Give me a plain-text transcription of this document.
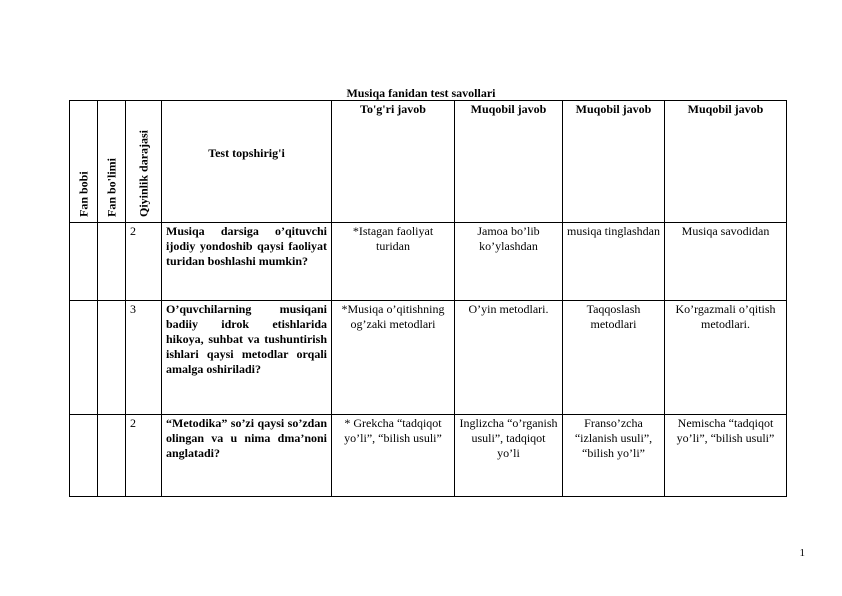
Musiqa fanidan test savollari
Fan bobi	Fan bo'limi	Qiyinlik darajasi	Test topshirig'i	To'g'ri javob	Muqobil javob	Muqobil javob	Muqobil javob
		2	Musiqa darsiga o’qituvchi ijodiy yondoshib qaysi faoliyat turidan boshlashi mumkin?	*Istagan faoliyat turidan	Jamoa bo’lib ko’ylashdan	musiqa tinglashdan	Musiqa savodidan
		3	O’quvchilarning musiqani badiiy idrok etishlarida hikoya, suhbat va tushuntirish ishlari qaysi metodlar orqali amalga oshiriladi?	*Musiqa o’qitishning og’zaki metodlari	O’yin metodlari.	Taqqoslash metodlari	Ko’rgazmali o’qitish metodlari.
		2	“Metodika” so’zi qaysi so’zdan olingan va u nima dma’noni anglatadi?	* Grekcha “tadqiqot yo’li”, “bilish usuli”	Inglizcha “o’rganish usuli”, tadqiqot yo’li	Franso’zcha “izlanish usuli”, “bilish yo’li”	Nemischa “tadqiqot yo’li”, “bilish usuli”
1
